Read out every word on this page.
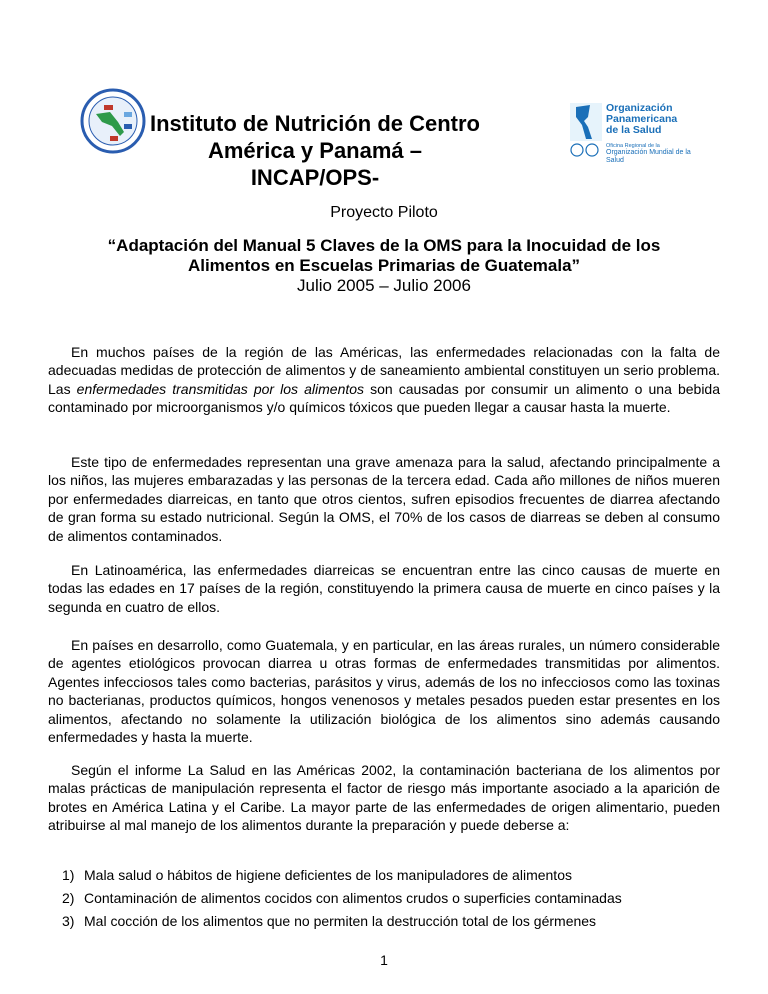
Instituto de Nutrición de Centro
América y Panamá –INCAP/OPS-
Organización
Panamericana
de la Salud
Oficina Regional de la
Organización Mundial de la Salud
Proyecto Piloto
“Adaptación del Manual 5 Claves de la OMS para la Inocuidad de los
Alimentos en Escuelas Primarias de Guatemala”
Julio 2005 – Julio 2006

En muchos países de la región de las Américas, las enfermedades relacionadas con la falta de adecuadas medidas de protección de alimentos y de saneamiento ambiental constituyen un serio problema. Las enfermedades transmitidas por los alimentos son causadas por consumir un alimento o una bebida contaminado por microorganismos y/o químicos tóxicos que pueden llegar a causar hasta la muerte.

Este tipo de enfermedades representan una grave amenaza para la salud, afectando principalmente a los niños, las mujeres embarazadas y las personas de la tercera edad. Cada año millones de niños mueren por enfermedades diarreicas, en tanto que otros cientos, sufren episodios frecuentes de diarrea afectando de gran forma su estado nutricional. Según la OMS, el 70% de los casos de diarreas se deben al consumo de alimentos contaminados.

En Latinoamérica, las enfermedades diarreicas se encuentran entre las cinco causas de muerte en todas las edades en 17 países de la región, constituyendo la primera causa de muerte en cinco países y la segunda en cuatro de ellos.

En países en desarrollo, como Guatemala, y en particular, en las áreas rurales, un número considerable de agentes etiológicos provocan diarrea u otras formas de enfermedades transmitidas por alimentos. Agentes infecciosos tales como bacterias, parásitos y virus, además de los no infecciosos como las toxinas no bacterianas, productos químicos, hongos venenosos y metales pesados pueden estar presentes en los alimentos, afectando no solamente la utilización biológica de los alimentos sino además causando enfermedades y hasta la muerte.

Según el informe La Salud en las Américas 2002, la contaminación bacteriana de los alimentos por malas prácticas de manipulación representa el factor de riesgo más importante asociado a la aparición de brotes en América Latina y el Caribe. La mayor parte de las enfermedades de origen alimentario, pueden atribuirse al mal manejo de los alimentos durante la preparación y puede deberse a:

1) Mala salud o hábitos de higiene deficientes de los manipuladores de alimentos
2) Contaminación de alimentos cocidos con alimentos crudos o superficies contaminadas
3) Mal cocción de los alimentos que no permiten la destrucción total de los gérmenes
1
